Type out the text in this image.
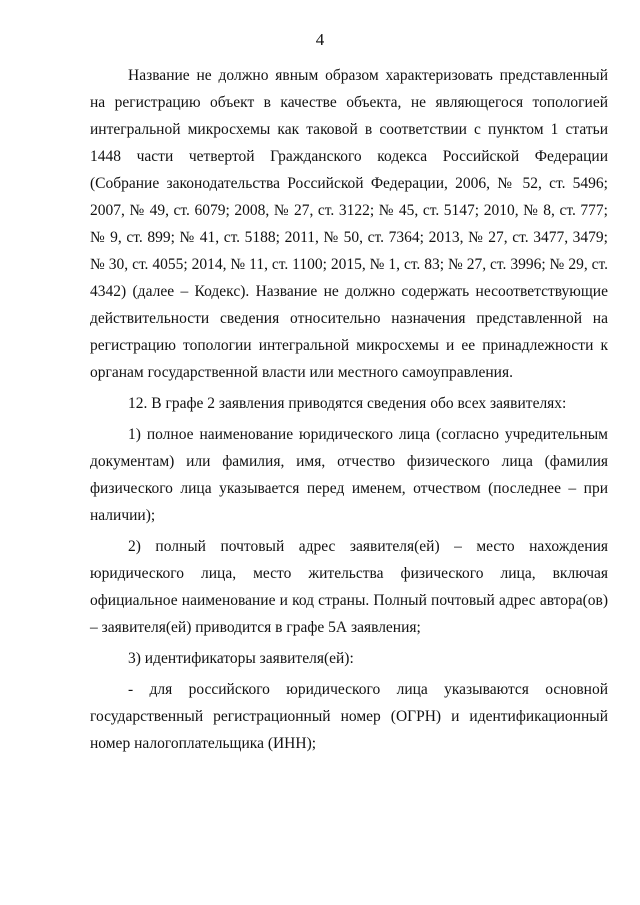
4

Название не должно явным образом характеризовать представленный на регистрацию объект в качестве объекта, не являющегося топологией интегральной микросхемы как таковой в соответствии с пунктом 1 статьи 1448 части четвертой Гражданского кодекса Российской Федерации (Собрание законодательства Российской Федерации, 2006, № 52, ст. 5496; 2007, № 49, ст. 6079; 2008, № 27, ст. 3122; № 45, ст. 5147; 2010, № 8, ст. 777; № 9, ст. 899; № 41, ст. 5188; 2011, № 50, ст. 7364; 2013, № 27, ст. 3477, 3479; № 30, ст. 4055; 2014, № 11, ст. 1100; 2015, № 1, ст. 83; № 27, ст. 3996; № 29, ст. 4342) (далее – Кодекс). Название не должно содержать несоответствующие действительности сведения относительно назначения представленной на регистрацию топологии интегральной микросхемы и ее принадлежности к органам государственной власти или местного самоуправления.

12. В графе 2 заявления приводятся сведения обо всех заявителях:

1) полное наименование юридического лица (согласно учредительным документам) или фамилия, имя, отчество физического лица (фамилия физического лица указывается перед именем, отчеством (последнее – при наличии);

2) полный почтовый адрес заявителя(ей) – место нахождения юридического лица, место жительства физического лица, включая официальное наименование и код страны. Полный почтовый адрес автора(ов) – заявителя(ей) приводится в графе 5А заявления;

3) идентификаторы заявителя(ей):

- для российского юридического лица указываются основной государственный регистрационный номер (ОГРН) и идентификационный номер налогоплательщика (ИНН);
